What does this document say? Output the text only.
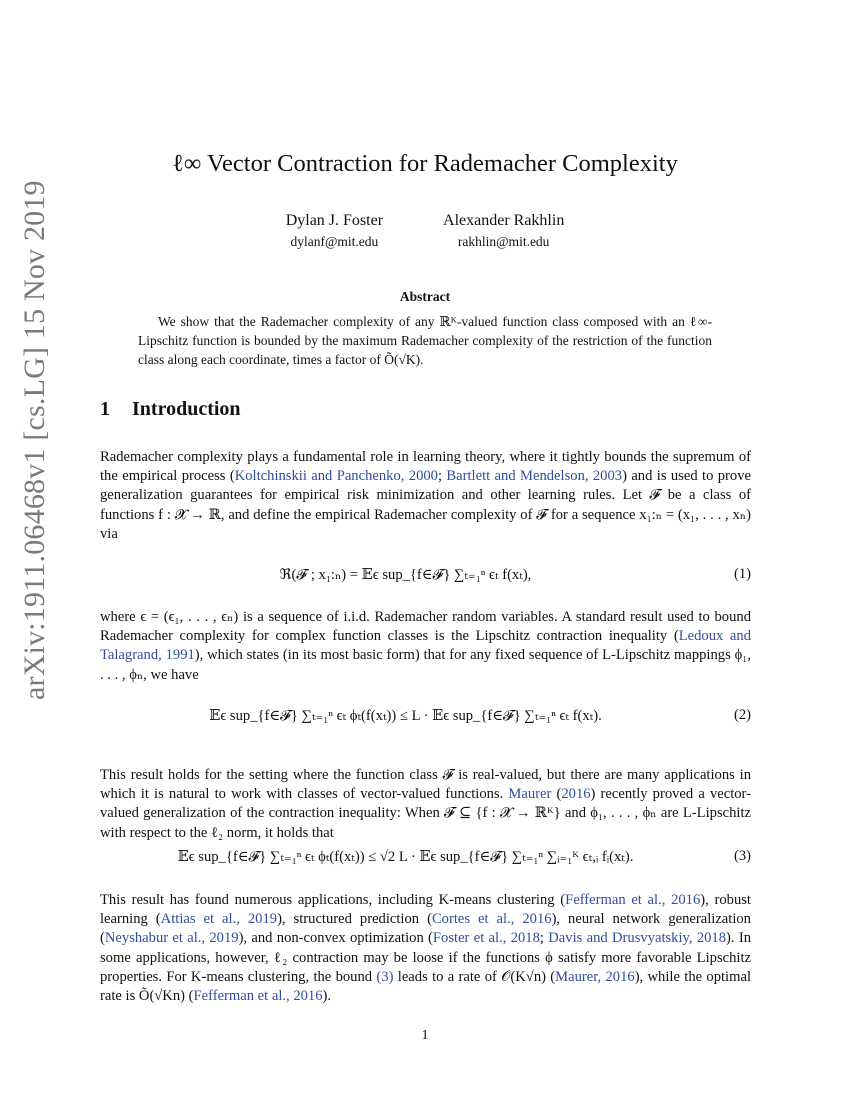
arXiv:1911.06468v1 [cs.LG] 15 Nov 2019
ℓ∞ Vector Contraction for Rademacher Complexity
Dylan J. Foster
dylanf@mit.edu
Alexander Rakhlin
rakhlin@mit.edu
Abstract
We show that the Rademacher complexity of any ℝᴷ-valued function class composed with an ℓ∞-Lipschitz function is bounded by the maximum Rademacher complexity of the restriction of the function class along each coordinate, times a factor of Õ(√K).
1 Introduction
Rademacher complexity plays a fundamental role in learning theory, where it tightly bounds the supremum of the empirical process (Koltchinskii and Panchenko, 2000; Bartlett and Mendelson, 2003) and is used to prove generalization guarantees for empirical risk minimization and other learning rules. Let 𝓕 be a class of functions f : 𝓧 → ℝ, and define the empirical Rademacher complexity of 𝓕 for a sequence x₁:ₙ = (x₁, . . . , xₙ) via
ℜ(𝓕 ; x₁:ₙ) = 𝔼ϵ sup_{f∈𝓕} ∑ₜ₌₁ⁿ ϵₜ f(xₜ),	(1)
where ϵ = (ϵ₁, . . . , ϵₙ) is a sequence of i.i.d. Rademacher random variables. A standard result used to bound Rademacher complexity for complex function classes is the Lipschitz contraction inequality (Ledoux and Talagrand, 1991), which states (in its most basic form) that for any fixed sequence of L-Lipschitz mappings ϕ₁, . . . , ϕₙ, we have
𝔼ϵ sup_{f∈𝓕} ∑ₜ₌₁ⁿ ϵₜ ϕₜ(f(xₜ)) ≤ L · 𝔼ϵ sup_{f∈𝓕} ∑ₜ₌₁ⁿ ϵₜ f(xₜ).	(2)
This result holds for the setting where the function class 𝓕 is real-valued, but there are many applications in which it is natural to work with classes of vector-valued functions. Maurer (2016) recently proved a vector-valued generalization of the contraction inequality: When 𝓕 ⊆ {f : 𝓧 → ℝᴷ} and ϕ₁, . . . , ϕₙ are L-Lipschitz with respect to the ℓ₂ norm, it holds that
𝔼ϵ sup_{f∈𝓕} ∑ₜ₌₁ⁿ ϵₜ ϕₜ(f(xₜ)) ≤ √2 L · 𝔼ϵ sup_{f∈𝓕} ∑ₜ₌₁ⁿ ∑ᵢ₌₁ᴷ ϵₜ,ᵢ fᵢ(xₜ).	(3)
This result has found numerous applications, including K-means clustering (Fefferman et al., 2016), robust learning (Attias et al., 2019), structured prediction (Cortes et al., 2016), neural network generalization (Neyshabur et al., 2019), and non-convex optimization (Foster et al., 2018; Davis and Drusvyatskiy, 2018). In some applications, however, ℓ₂ contraction may be loose if the functions ϕ satisfy more favorable Lipschitz properties. For K-means clustering, the bound (3) leads to a rate of 𝒪(K√n) (Maurer, 2016), while the optimal rate is Õ(√Kn) (Fefferman et al., 2016).
1
